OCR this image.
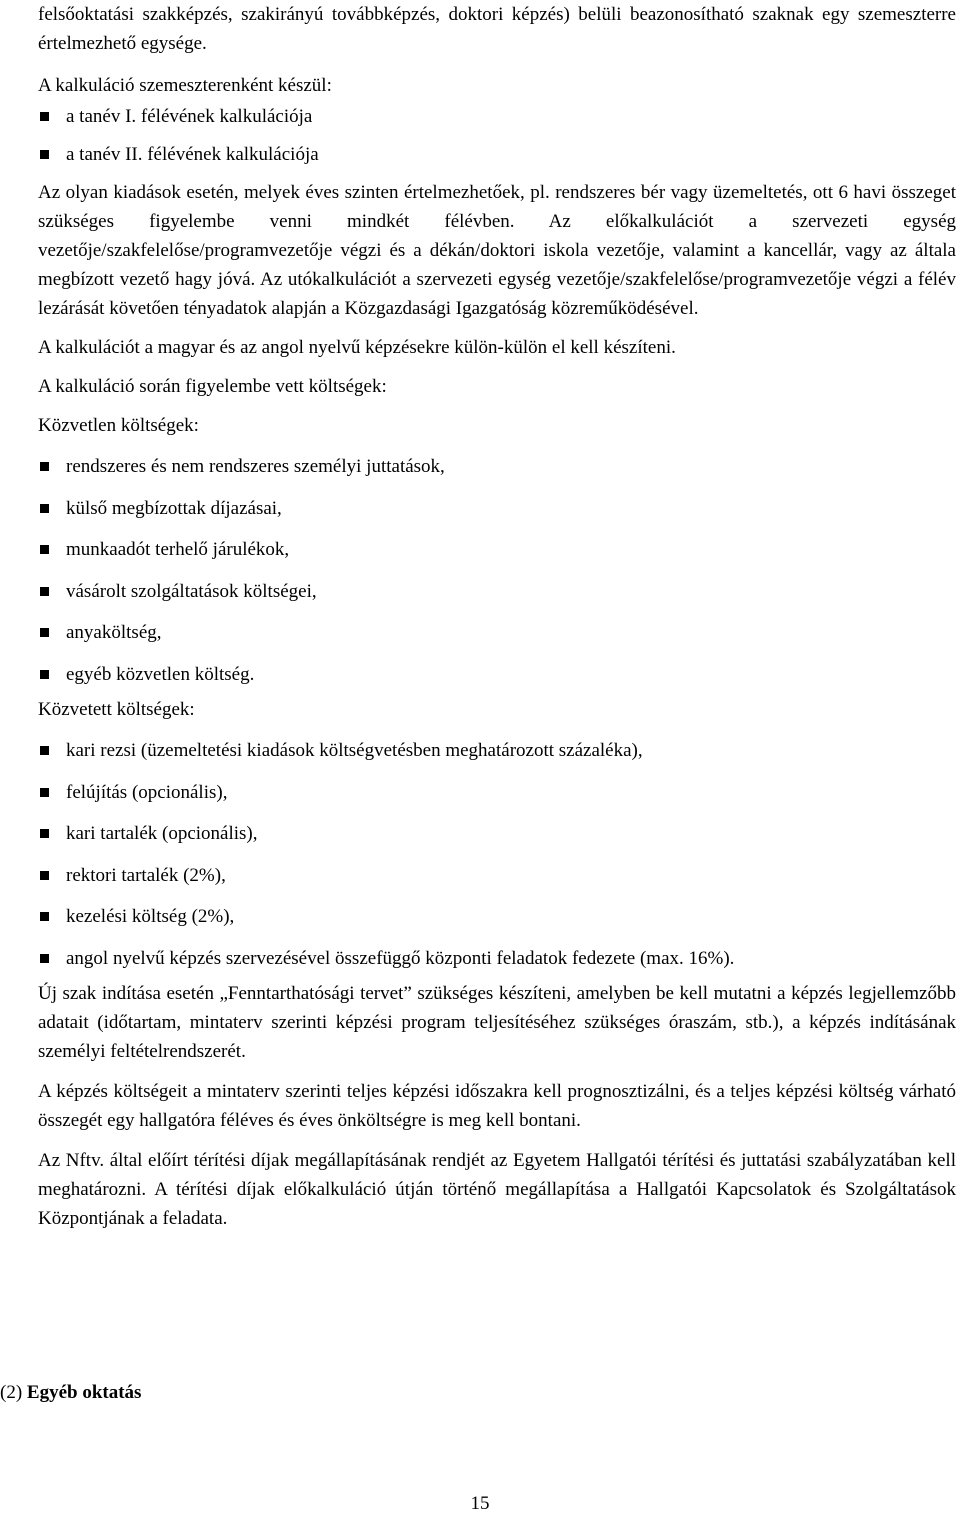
felsőoktatási szakképzés, szakirányú továbbképzés, doktori képzés) belüli beazonosítható szaknak egy szemeszterre értelmezhető egysége.

A kalkuláció szemeszterenként készül:

a tanév I. félévének kalkulációja
a tanév II. félévének kalkulációja

Az olyan kiadások esetén, melyek éves szinten értelmezhetőek, pl. rendszeres bér vagy üzemeltetés, ott 6 havi összeget szükséges figyelembe venni mindkét félévben. Az előkalkulációt a szervezeti egység vezetője/szakfelelőse/programvezetője végzi és a dékán/doktori iskola vezetője, valamint a kancellár, vagy az általa megbízott vezető hagy jóvá. Az utókalkulációt a szervezeti egység vezetője/szakfelelőse/programvezetője végzi a félév lezárását követően tényadatok alapján a Közgazdasági Igazgatóság közreműködésével.

A kalkulációt a magyar és az angol nyelvű képzésekre külön-külön el kell készíteni.

A kalkuláció során figyelembe vett költségek:

Közvetlen költségek:

rendszeres és nem rendszeres személyi juttatások,
külső megbízottak díjazásai,
munkaadót terhelő járulékok,
vásárolt szolgáltatások költségei,
anyaköltség,
egyéb közvetlen költség.

Közvetett költségek:

kari rezsi (üzemeltetési kiadások költségvetésben meghatározott százaléka),
felújítás (opcionális),
kari tartalék (opcionális),
rektori tartalék (2%),
kezelési költség (2%),
angol nyelvű képzés szervezésével összefüggő központi feladatok fedezete (max. 16%).

Új szak indítása esetén „Fenntarthatósági tervet” szükséges készíteni, amelyben be kell mutatni a képzés legjellemzőbb adatait (időtartam, mintaterv szerinti képzési program teljesítéséhez szükséges óraszám, stb.), a képzés indításának személyi feltételrendszerét.

A képzés költségeit a mintaterv szerinti teljes képzési időszakra kell prognosztizálni, és a teljes képzési költség várható összegét egy hallgatóra féléves és éves önköltségre is meg kell bontani.

Az Nftv. által előírt térítési díjak megállapításának rendjét az Egyetem Hallgatói térítési és juttatási szabályzatában kell meghatározni. A térítési díjak előkalkuláció útján történő megállapítása a Hallgatói Kapcsolatok és Szolgáltatások Központjának a feladata.

(2) Egyéb oktatás
15
